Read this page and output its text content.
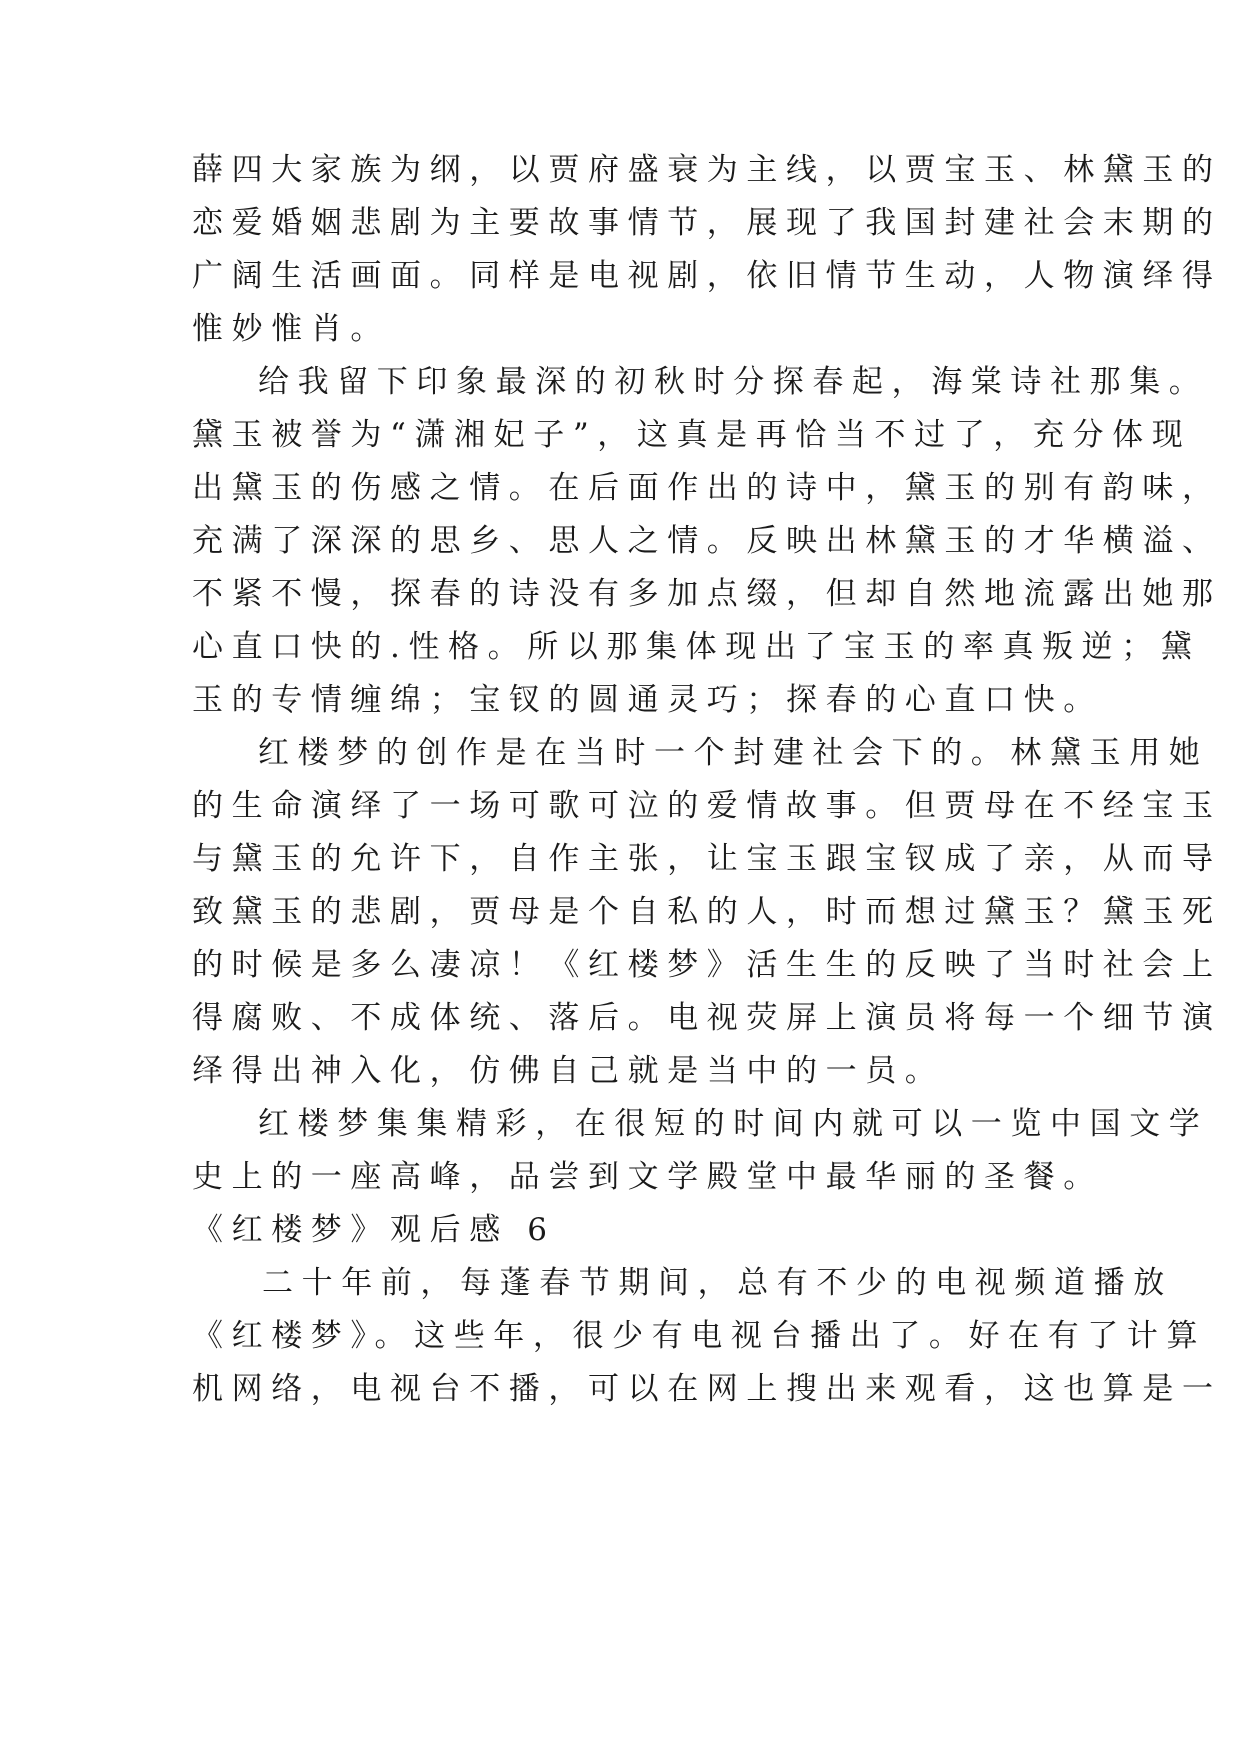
薛四大家族为纲，以贾府盛衰为主线，以贾宝玉、林黛玉的
恋爱婚姻悲剧为主要故事情节，展现了我国封建社会末期的
广阔生活画面。同样是电视剧，依旧情节生动，人物演绎得
惟妙惟肖。
给我留下印象最深的初秋时分探春起，海棠诗社那集。
黛玉被誉为“潇湘妃子”，这真是再恰当不过了，充分体现
出黛玉的伤感之情。在后面作出的诗中，黛玉的别有韵味，
充满了深深的思乡、思人之情。反映出林黛玉的才华横溢、
不紧不慢，探春的诗没有多加点缀，但却自然地流露出她那
心直口快的.性格。所以那集体现出了宝玉的率真叛逆；黛
玉的专情缠绵；宝钗的圆通灵巧；探春的心直口快。
红楼梦的创作是在当时一个封建社会下的。林黛玉用她
的生命演绎了一场可歌可泣的爱情故事。但贾母在不经宝玉
与黛玉的允许下，自作主张，让宝玉跟宝钗成了亲，从而导
致黛玉的悲剧，贾母是个自私的人，时而想过黛玉？黛玉死
的时候是多么凄凉！《红楼梦》活生生的反映了当时社会上
得腐败、不成体统、落后。电视荧屏上演员将每一个细节演
绎得出神入化，仿佛自己就是当中的一员。
红楼梦集集精彩，在很短的时间内就可以一览中国文学
史上的一座高峰，品尝到文学殿堂中最华丽的圣餐。
《红楼梦》观后感 6
二十年前，每蓬春节期间，总有不少的电视频道播放
《红楼梦》。这些年，很少有电视台播出了。好在有了计算
机网络，电视台不播，可以在网上搜出来观看，这也算是一
